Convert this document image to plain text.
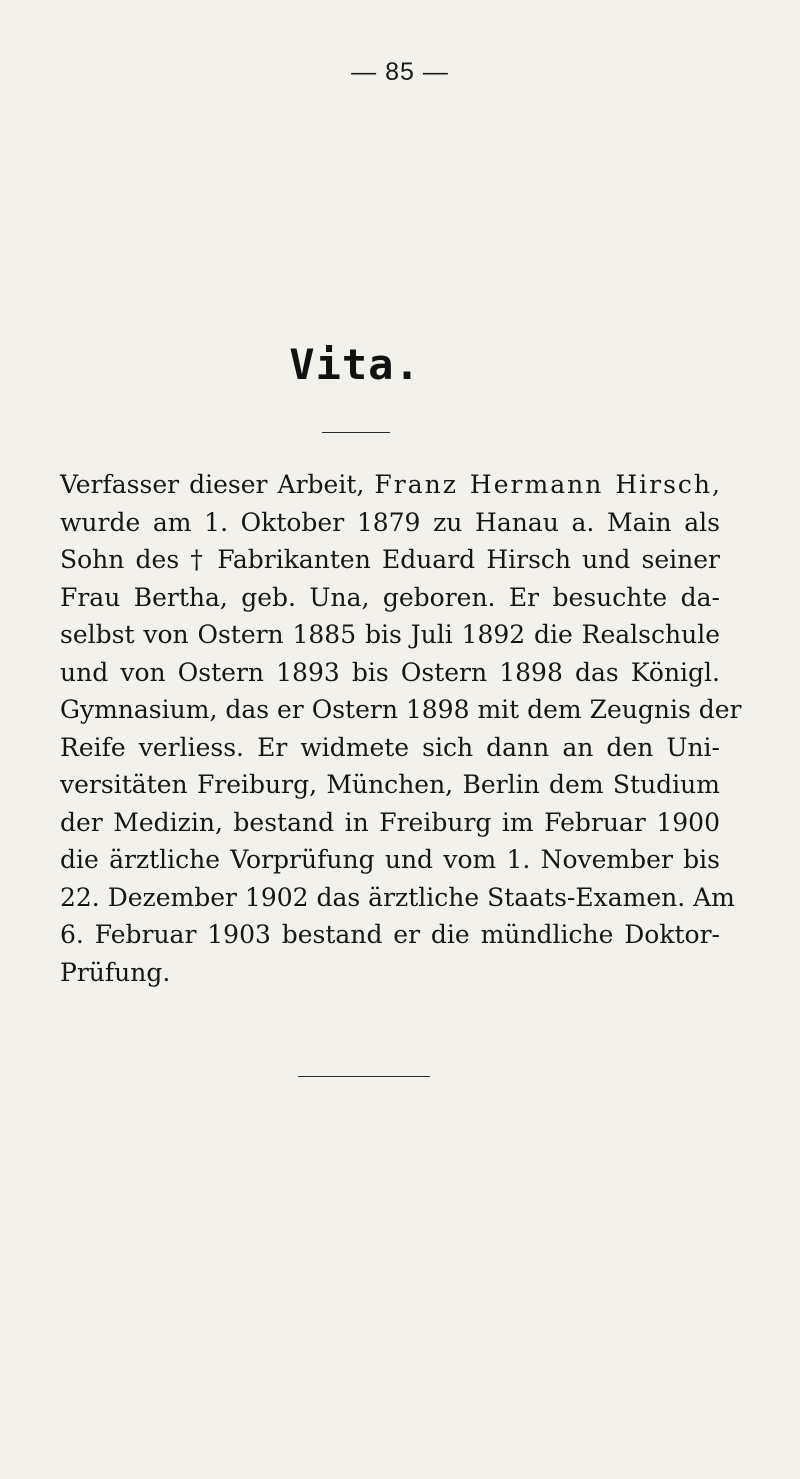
— 85 —
Vita.
Verfasser dieser Arbeit, Franz Hermann Hirsch,
wurde am 1. Oktober 1879 zu Hanau a. Main als
Sohn des † Fabrikanten Eduard Hirsch und seiner
Frau Bertha, geb. Una, geboren. Er besuchte da-
selbst von Ostern 1885 bis Juli 1892 die Realschule
und von Ostern 1893 bis Ostern 1898 das Königl.
Gymnasium, das er Ostern 1898 mit dem Zeugnis der
Reife verliess. Er widmete sich dann an den Uni-
versitäten Freiburg, München, Berlin dem Studium
der Medizin, bestand in Freiburg im Februar 1900
die ärztliche Vorprüfung und vom 1. November bis
22. Dezember 1902 das ärztliche Staats-Examen. Am
6. Februar 1903 bestand er die mündliche Doktor-
Prüfung.
